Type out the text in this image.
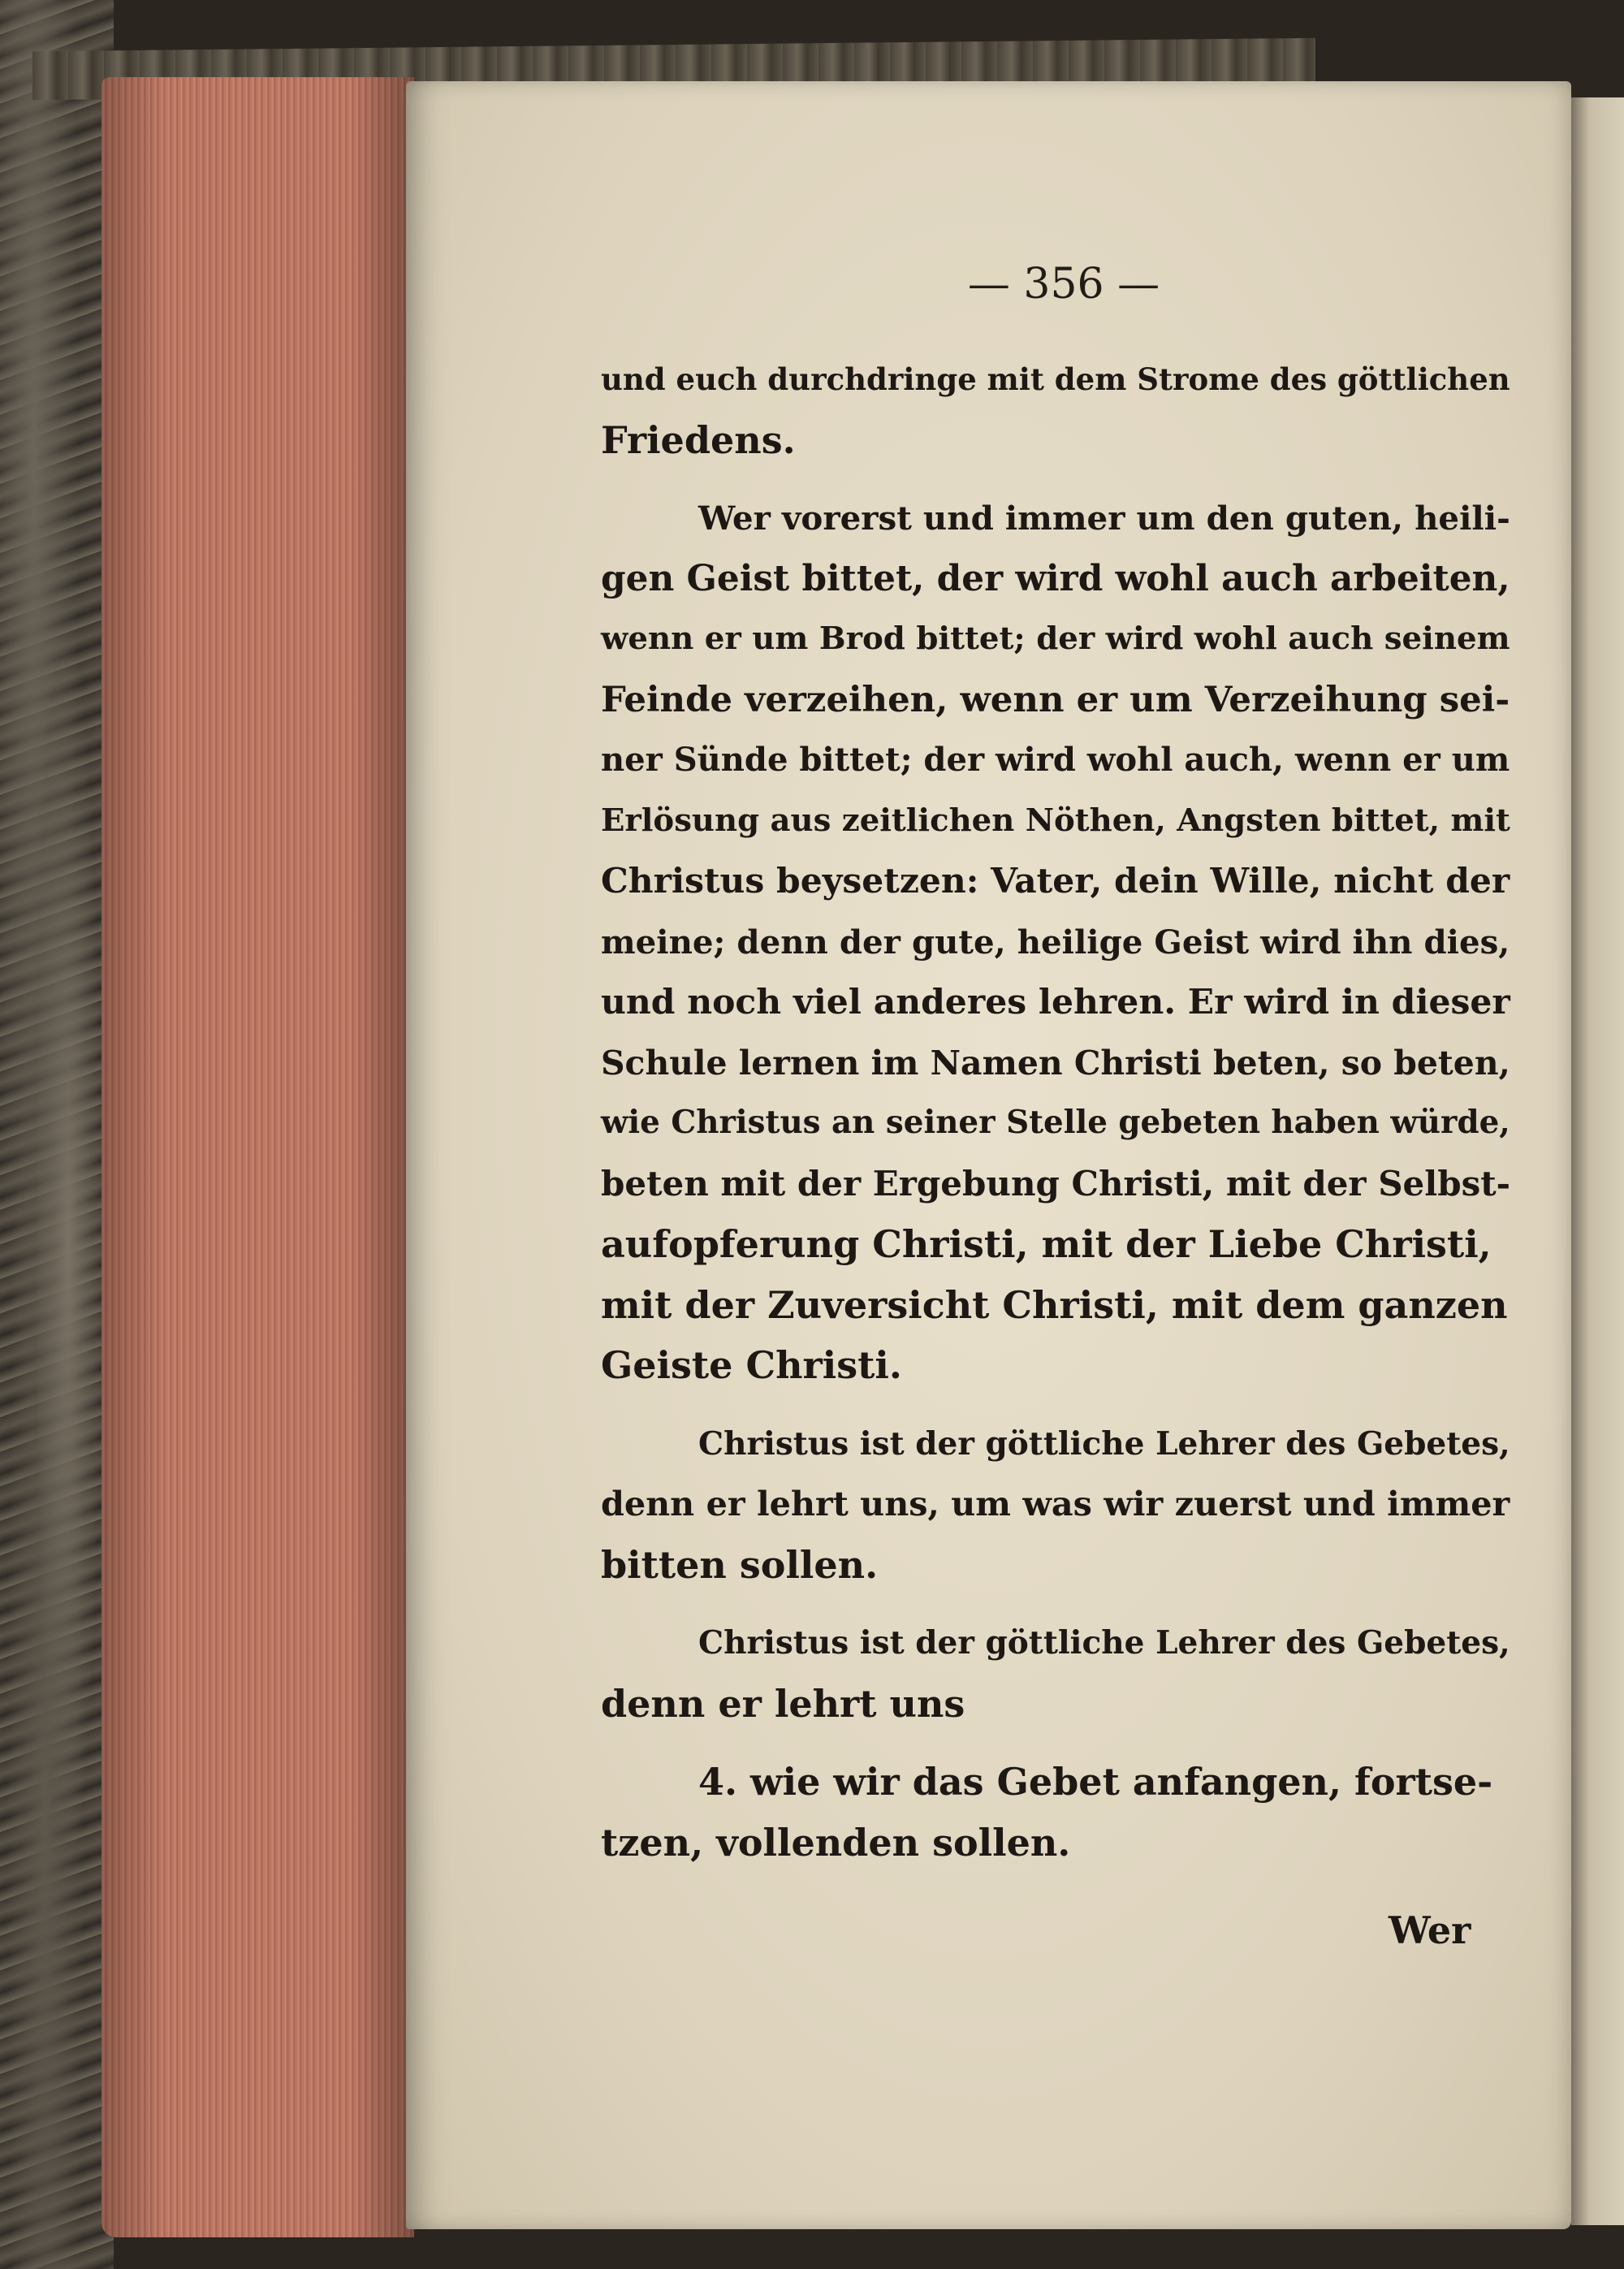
— 356 —

und euch durchdringe mit dem Strome des göttlichen
Friedens.

Wer vorerst und immer um den guten, heili-
gen Geist bittet, der wird wohl auch arbeiten,
wenn er um Brod bittet; der wird wohl auch seinem
Feinde verzeihen, wenn er um Verzeihung sei-
ner Sünde bittet; der wird wohl auch, wenn er um
Erlösung aus zeitlichen Nöthen, Angsten bittet, mit
Christus beysetzen: Vater, dein Wille, nicht der
meine; denn der gute, heilige Geist wird ihn dies,
und noch viel anderes lehren. Er wird in dieser
Schule lernen im Namen Christi beten, so beten,
wie Christus an seiner Stelle gebeten haben würde,
beten mit der Ergebung Christi, mit der Selbst-
aufopferung Christi, mit der Liebe Christi,
mit der Zuversicht Christi, mit dem ganzen
Geiste Christi.

Christus ist der göttliche Lehrer des Gebetes,
denn er lehrt uns, um was wir zuerst und immer
bitten sollen.

Christus ist der göttliche Lehrer des Gebetes,
denn er lehrt uns

4. wie wir das Gebet anfangen, fortse-
tzen, vollenden sollen.

Wer
